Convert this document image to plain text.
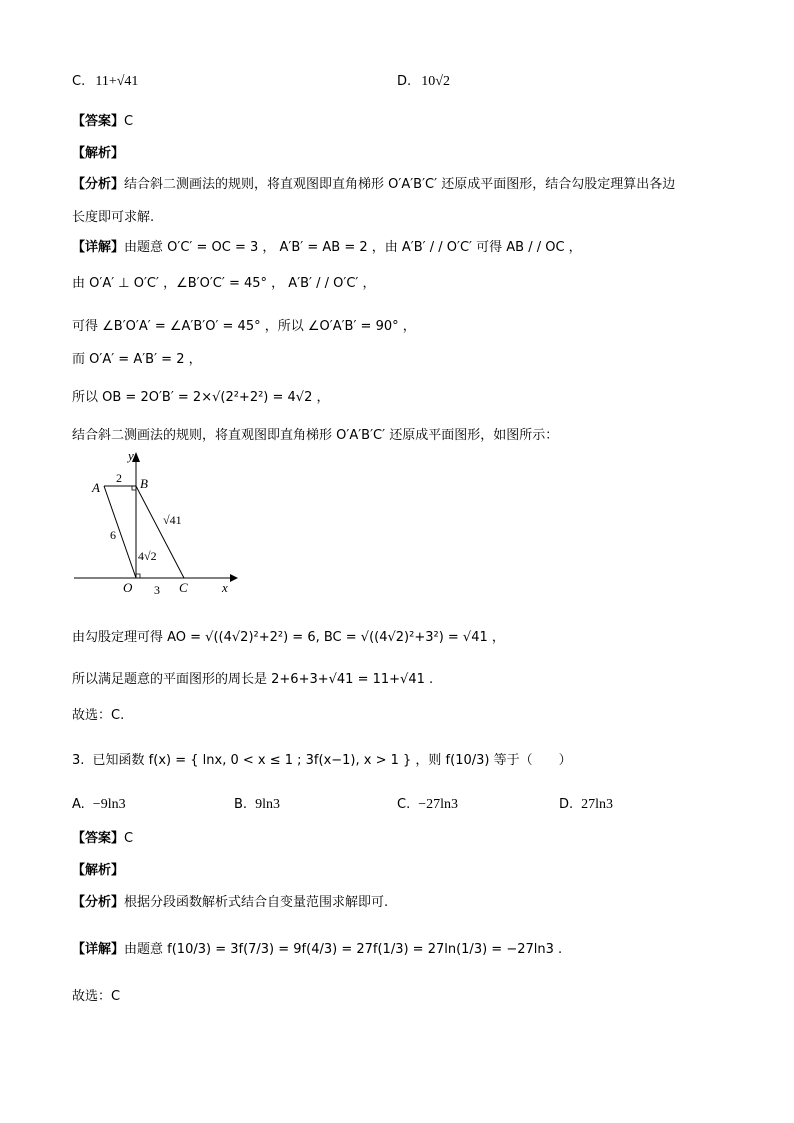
C. 11+√41	D. 10√2
【答案】C
【解析】
【分析】结合斜二测画法的规则，将直观图即直角梯形 O′A′B′C′ 还原成平面图形，结合勾股定理算出各边
长度即可求解.
【详解】由题意 O′C′ = OC = 3 ， A′B′ = AB = 2 ，由 A′B′ / / O′C′ 可得 AB / / OC ，
由 O′A′ ⊥ O′C′ ，∠B′O′C′ = 45° ， A′B′ / / O′C′ ，
可得 ∠B′O′A′ = ∠A′B′O′ = 45° ，所以 ∠O′A′B′ = 90° ，
而 O′A′ = A′B′ = 2 ，
所以 OB = 2O′B′ = 2×√(2²+2²) = 4√2 ，
结合斜二测画法的规则，将直观图即直角梯形 O′A′B′C′ 还原成平面图形，如图所示：
y
x
A	B
O	C
2
6
4√2
3
√41
由勾股定理可得 AO = √((4√2)²+2²) = 6, BC = √((4√2)²+3²) = √41 ，
所以满足题意的平面图形的周长是 2+6+3+√41 = 11+√41 .
故选：C.
3. 已知函数 f(x) = { lnx, 0 < x ≤ 1 ; 3f(x−1), x > 1 } ，则 f(10/3) 等于（　　）
A. −9ln3	B. 9ln3	C. −27ln3	D. 27ln3
【答案】C
【解析】
【分析】根据分段函数解析式结合自变量范围求解即可.
【详解】由题意 f(10/3) = 3f(7/3) = 9f(4/3) = 27f(1/3) = 27ln(1/3) = −27ln3 .
故选：C
